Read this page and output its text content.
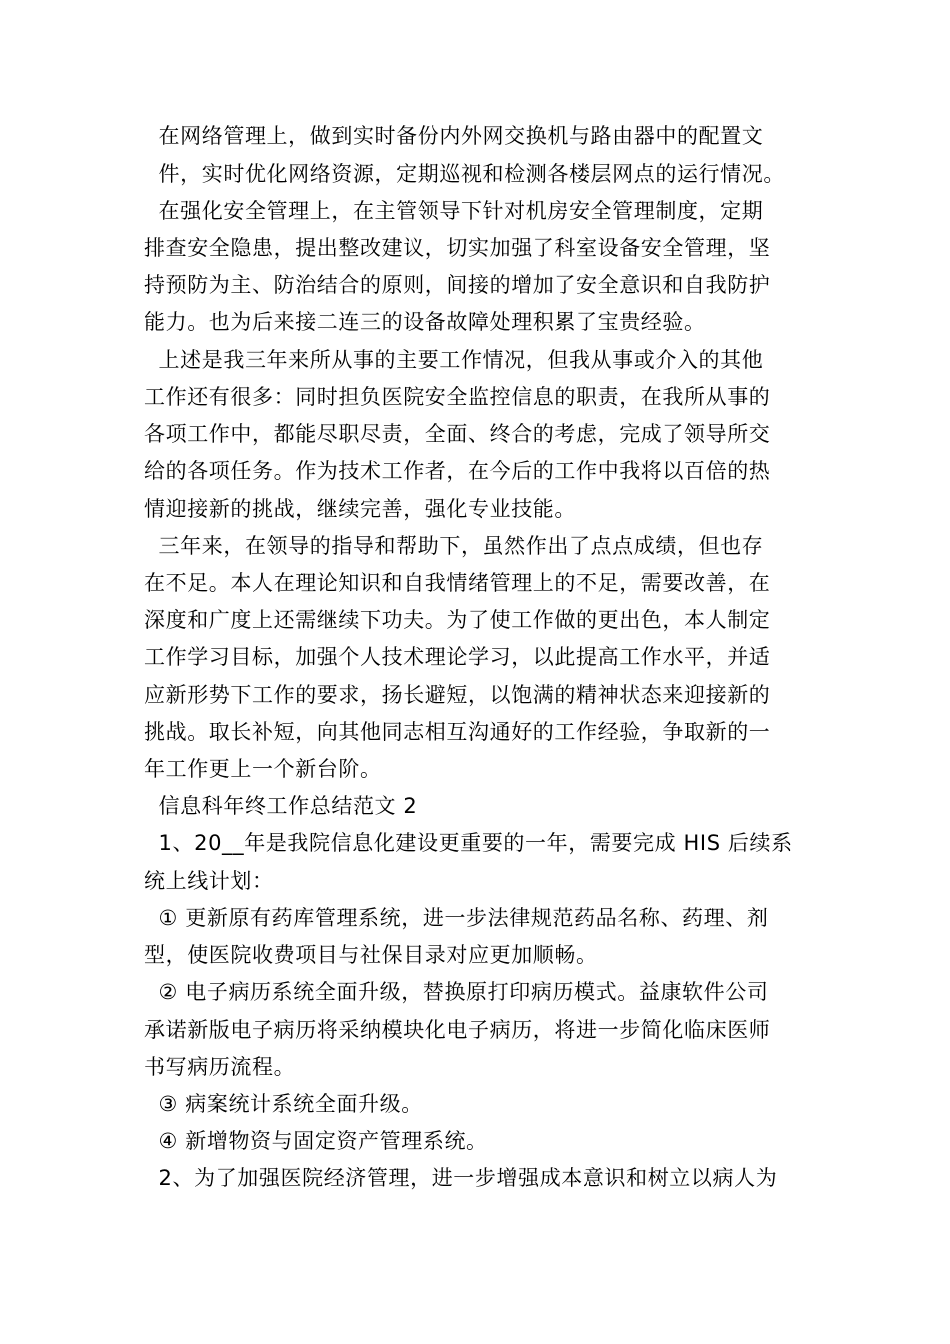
在网络管理上，做到实时备份内外网交换机与路由器中的配置文

件，实时优化网络资源，定期巡视和检测各楼层网点的运行情况。

在强化安全管理上，在主管领导下针对机房安全管理制度，定期

排查安全隐患，提出整改建议，切实加强了科室设备安全管理，坚

持预防为主、防治结合的原则，间接的增加了安全意识和自我防护

能力。也为后来接二连三的设备故障处理积累了宝贵经验。

上述是我三年来所从事的主要工作情况，但我从事或介入的其他

工作还有很多：同时担负医院安全监控信息的职责，在我所从事的

各项工作中，都能尽职尽责，全面、终合的考虑，完成了领导所交

给的各项任务。作为技术工作者，在今后的工作中我将以百倍的热

情迎接新的挑战，继续完善，强化专业技能。

三年来，在领导的指导和帮助下，虽然作出了点点成绩，但也存

在不足。本人在理论知识和自我情绪管理上的不足，需要改善，在

深度和广度上还需继续下功夫。为了使工作做的更出色，本人制定

工作学习目标，加强个人技术理论学习，以此提高工作水平，并适

应新形势下工作的要求，扬长避短，以饱满的精神状态来迎接新的

挑战。取长补短，向其他同志相互沟通好的工作经验，争取新的一

年工作更上一个新台阶。

信息科年终工作总结范文 2

1、20__年是我院信息化建设更重要的一年，需要完成 HIS 后续系

统上线计划：

① 更新原有药库管理系统，进一步法律规范药品名称、药理、剂

型，使医院收费项目与社保目录对应更加顺畅。

② 电子病历系统全面升级，替换原打印病历模式。益康软件公司

承诺新版电子病历将采纳模块化电子病历，将进一步简化临床医师

书写病历流程。

③ 病案统计系统全面升级。

④ 新增物资与固定资产管理系统。

2、为了加强医院经济管理，进一步增强成本意识和树立以病人为
